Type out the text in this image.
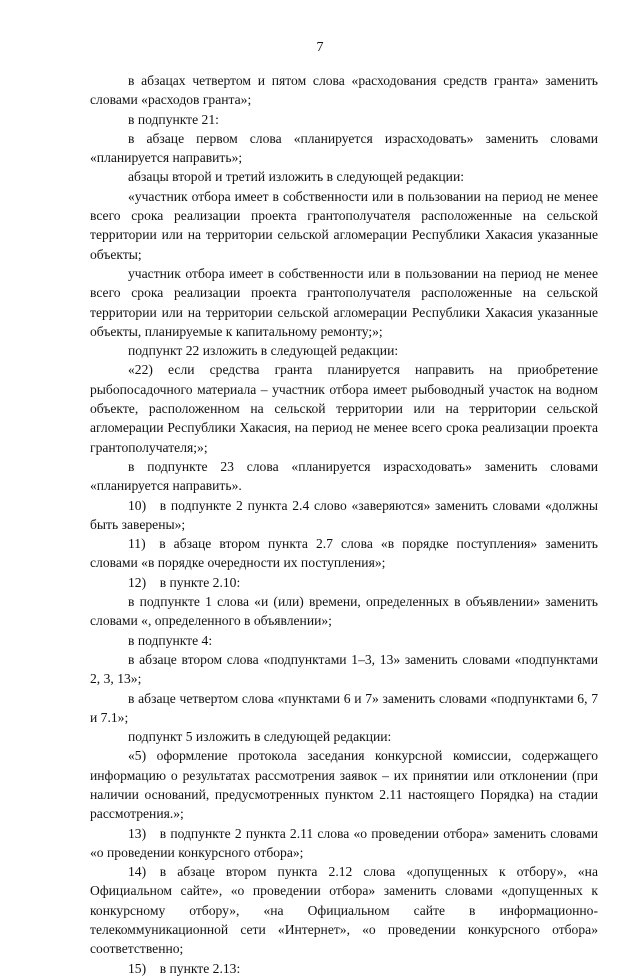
7

в абзацах четвертом и пятом слова «расходования средств гранта» заменить словами «расходов гранта»;

в подпункте 21:

в абзаце первом слова «планируется израсходовать» заменить словами «планируется направить»;

абзацы второй и третий изложить в следующей редакции:

«участник отбора имеет в собственности или в пользовании на период не менее всего срока реализации проекта грантополучателя расположенные на сельской территории или на территории сельской агломерации Республики Хакасия указанные объекты;

участник отбора имеет в собственности или в пользовании на период не менее всего срока реализации проекта грантополучателя расположенные на сельской территории или на территории сельской агломерации Республики Хакасия указанные объекты, планируемые к капитальному ремонту;»;

подпункт 22 изложить в следующей редакции:

«22) если средства гранта планируется направить на приобретение рыбопосадочного материала – участник отбора имеет рыбоводный участок на водном объекте, расположенном на сельской территории или на территории сельской агломерации Республики Хакасия, на период не менее всего срока реализации проекта грантополучателя;»;

в подпункте 23 слова «планируется израсходовать» заменить словами «планируется направить».

10) в подпункте 2 пункта 2.4 слово «заверяются» заменить словами «должны быть заверены»;

11) в абзаце втором пункта 2.7 слова «в порядке поступления» заменить словами «в порядке очередности их поступления»;

12) в пункте 2.10:

в подпункте 1 слова «и (или) времени, определенных в объявлении» заменить словами «, определенного в объявлении»;

в подпункте 4:

в абзаце втором слова «подпунктами 1–3, 13» заменить словами «подпунктами 2, 3, 13»;

в абзаце четвертом слова «пунктами 6 и 7» заменить словами «подпунктами 6, 7 и 7.1»;

подпункт 5 изложить в следующей редакции:

«5) оформление протокола заседания конкурсной комиссии, содержащего информацию о результатах рассмотрения заявок – их принятии или отклонении (при наличии оснований, предусмотренных пунктом 2.11 настоящего Порядка) на стадии рассмотрения.»;

13) в подпункте 2 пункта 2.11 слова «о проведении отбора» заменить словами «о проведении конкурсного отбора»;

14) в абзаце втором пункта 2.12 слова «допущенных к отбору», «на Официальном сайте», «о проведении отбора» заменить словами «допущенных к конкурсному отбору», «на Официальном сайте в информационно-телекоммуникационной сети «Интернет», «о проведении конкурсного отбора» соответственно;

15) в пункте 2.13:
